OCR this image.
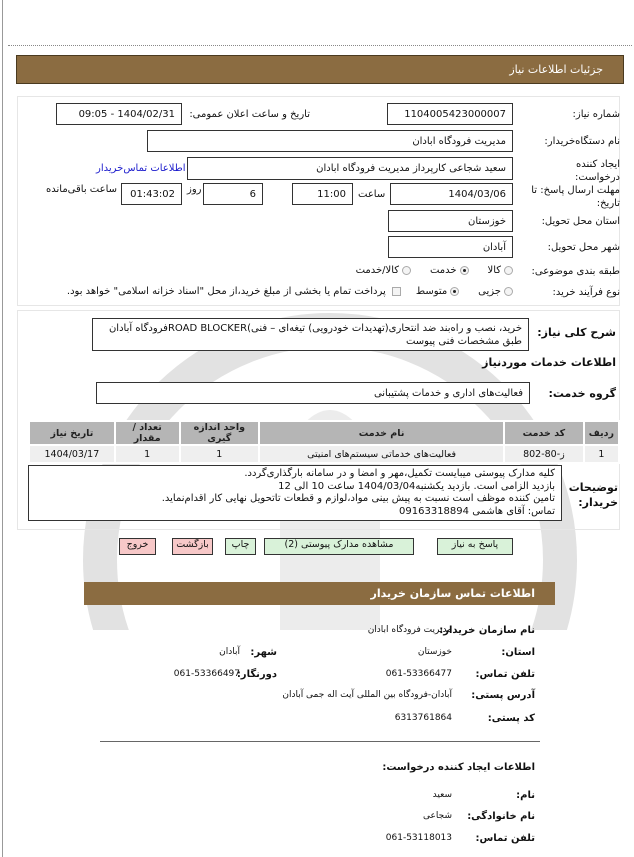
جزئیات اطلاعات نیاز
شماره نیاز:
1104005423000007
تاریخ و ساعت اعلان عمومی:
1404/02/31 - 09:05
نام دستگاه‌خریدار:
مدیریت فرودگاه ابادان
ایجاد کننده درخواست:
سعید شجاعی کارپرداز مدیریت فرودگاه ابادان
اطلاعات تماس‌خریدار
مهلت ارسال پاسخ: تا تاریخ:
1404/03/06
ساعت
11:00
6
روز
01:43:02
ساعت باقی‌مانده
استان محل تحویل:
خوزستان
شهر محل تحویل:
آبادان
طبقه بندی موضوعی:
کالا     خدمت     کالا/خدمت
نوع فرآیند خرید:
جزیی     متوسط
پرداخت تمام یا بخشی از مبلغ خرید،از محل "اسناد خزانه اسلامی" خواهد بود.
شرح کلی نیاز:
خرید، نصب و راه‌بند ضد انتحاری(تهدیدات خودرویی) تیغه‌ای – فنی)ROAD BLOCKERفرودگاه آبادان
طبق مشخصات فنی پیوست
اطلاعات خدمات موردنیاز
گروه خدمت:
فعالیت‌های اداری و خدمات پشتیبانی
ردیف	کد خدمت	نام خدمت	واحد اندازه گیری	تعداد / مقدار	تاریخ نیاز
1	ز-80-802	فعالیت‌های خدماتی سیستم‌های امنیتی	1	1	1404/03/17
توضیحات خریدار:
کلیه مدارک پیوستی میبایست تکمیل،مهر و امضا و در سامانه بارگذاری‌گردد.
بازدید الزامی است. بازدید یکشنبه1404/03/04 ساعت 10 الی 12
تامین کننده موظف است نسبت به پیش بینی مواد،لوازم و قطعات تاتحویل نهایی کار اقدام‌نماید.
تماس: آقای هاشمی 09163318894
پاسخ به نیاز
مشاهده مدارک پیوستی (2)
چاپ
بازگشت
خروج
اطلاعات تماس سازمان خریدار
نام سازمان خریدار:
مدیریت فرودگاه ابادان
استان:
خوزستان
شهر:
آبادان
تلفن تماس:
061-53366477
دورنگار:
061-53366497
آدرس پستی:
آبادان-فرودگاه بین المللی آیت اله جمی آبادان
کد پستی:
6313761864
اطلاعات ایجاد کننده درخواست:
نام:
سعید
نام خانوادگی:
شجاعی
تلفن تماس:
061-53118013
